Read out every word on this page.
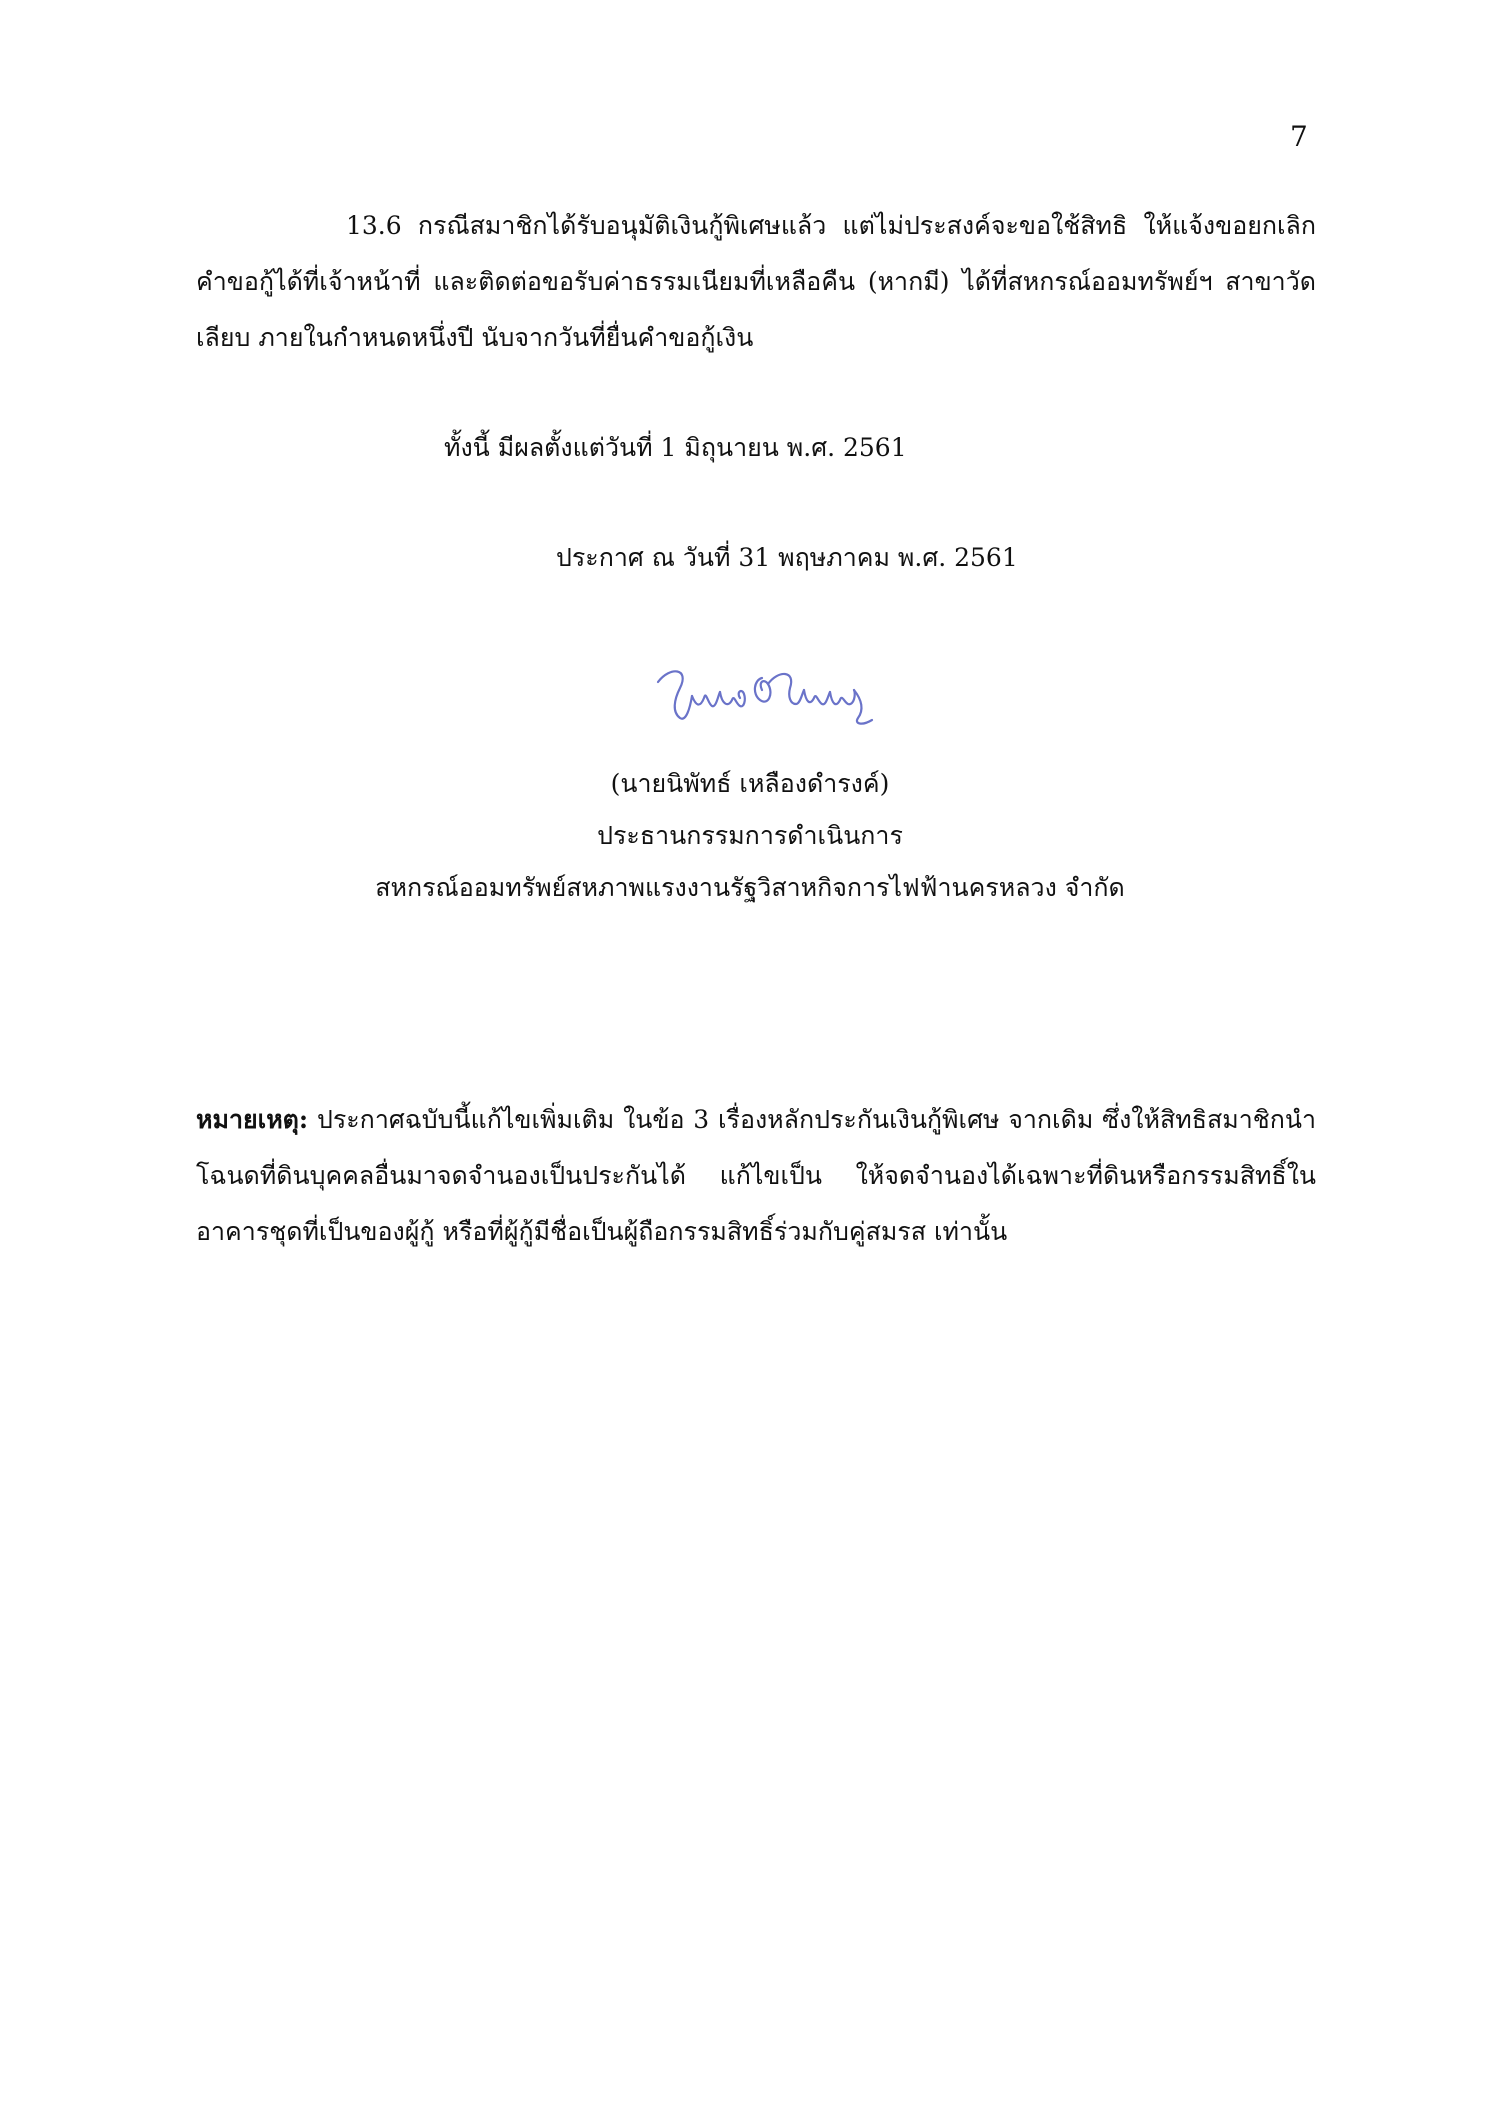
7
13.6 กรณีสมาชิกได้รับอนุมัติเงินกู้พิเศษแล้ว แต่ไม่ประสงค์จะขอใช้สิทธิ ให้แจ้งขอยกเลิก คำขอกู้ได้ที่เจ้าหน้าที่ และติดต่อขอรับค่าธรรมเนียมที่เหลือคืน (หากมี) ได้ที่สหกรณ์ออมทรัพย์ฯ สาขาวัดเลียบ ภายในกำหนดหนึ่งปี นับจากวันที่ยื่นคำขอกู้เงิน
ทั้งนี้ มีผลตั้งแต่วันที่ 1 มิถุนายน พ.ศ. 2561
ประกาศ ณ วันที่ 31 พฤษภาคม พ.ศ. 2561
(นายนิพัทธ์ เหลืองดำรงค์)
ประธานกรรมการดำเนินการ
สหกรณ์ออมทรัพย์สหภาพแรงงานรัฐวิสาหกิจการไฟฟ้านครหลวง จำกัด
หมายเหตุ: ประกาศฉบับนี้แก้ไขเพิ่มเติม ในข้อ 3 เรื่องหลักประกันเงินกู้พิเศษ จากเดิม ซึ่งให้สิทธิสมาชิกนำโฉนดที่ดินบุคคลอื่นมาจดจำนองเป็นประกันได้ แก้ไขเป็น ให้จดจำนองได้เฉพาะที่ดินหรือกรรมสิทธิ์ในอาคารชุดที่เป็นของผู้กู้ หรือที่ผู้กู้มีชื่อเป็นผู้ถือกรรมสิทธิ์ร่วมกับคู่สมรส เท่านั้น
